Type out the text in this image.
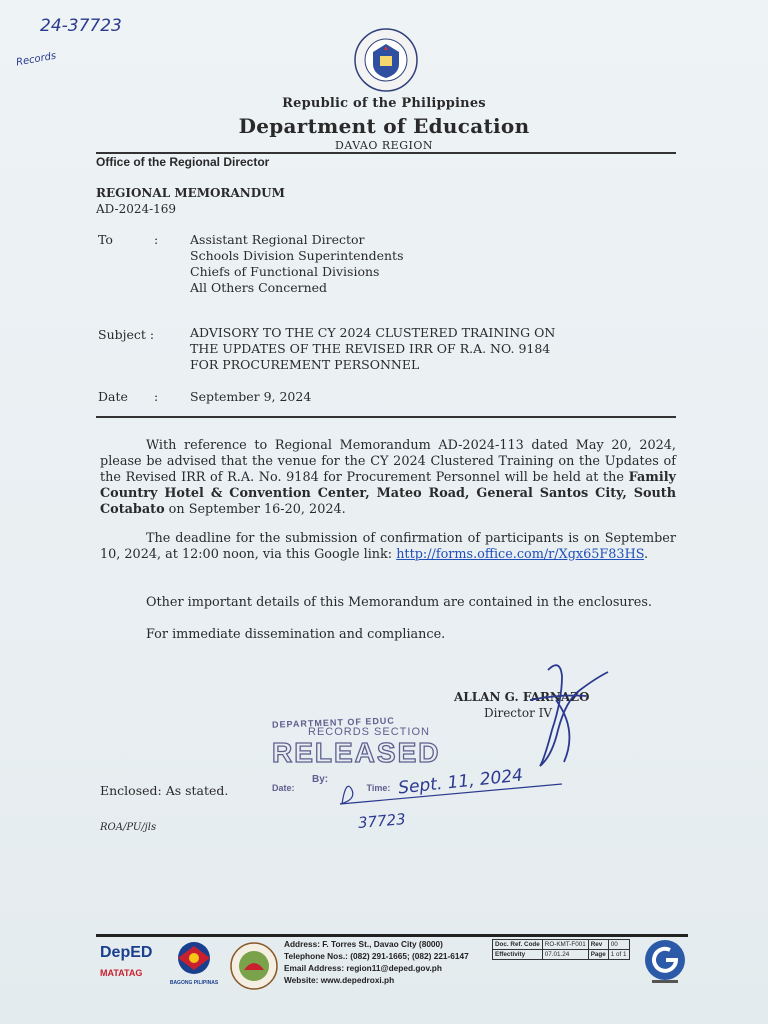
24-37723
Records
Republic of the Philippines
Department of Education
DAVAO REGION
Office of the Regional Director
REGIONAL MEMORANDUM
AD-2024-169
To	:	Assistant Regional Director
Schools Division Superintendents
Chiefs of Functional Divisions
All Others Concerned
Subject :	ADVISORY TO THE CY 2024 CLUSTERED TRAINING ON
THE UPDATES OF THE REVISED IRR OF R.A. NO. 9184
FOR PROCUREMENT PERSONNEL
Date :	September 9, 2024
With reference to Regional Memorandum AD-2024-113 dated May 20, 2024, please be advised that the venue for the CY 2024 Clustered Training on the Updates of the Revised IRR of R.A. No. 9184 for Procurement Personnel will be held at the Family Country Hotel & Convention Center, Mateo Road, General Santos City, South Cotabato on September 16-20, 2024.
The deadline for the submission of confirmation of participants is on September 10, 2024, at 12:00 noon, via this Google link: http://forms.office.com/r/Xgx65F83HS.
Other important details of this Memorandum are contained in the enclosures.
For immediate dissemination and compliance.
ALLAN G. FARNAZO
Director IV
DEPARTMENT OF EDUC
RECORDS SECTION
RELEASED
By:
Date:	Time: Sept. 11, 2024
37723
Enclosed: As stated.
ROA/PU/jls
DepED
MATATAG
BAGONG PILIPINAS
Address: F. Torres St., Davao City (8000)
Telephone Nos.: (082) 291-1665; (082) 221-6147
Email Address: region11@deped.gov.ph
Website: www.depedroxi.ph
Doc. Ref. Code	RO-KMT-F001	Rev	00
Effectivity	07.01.24	Page	1 of 1
